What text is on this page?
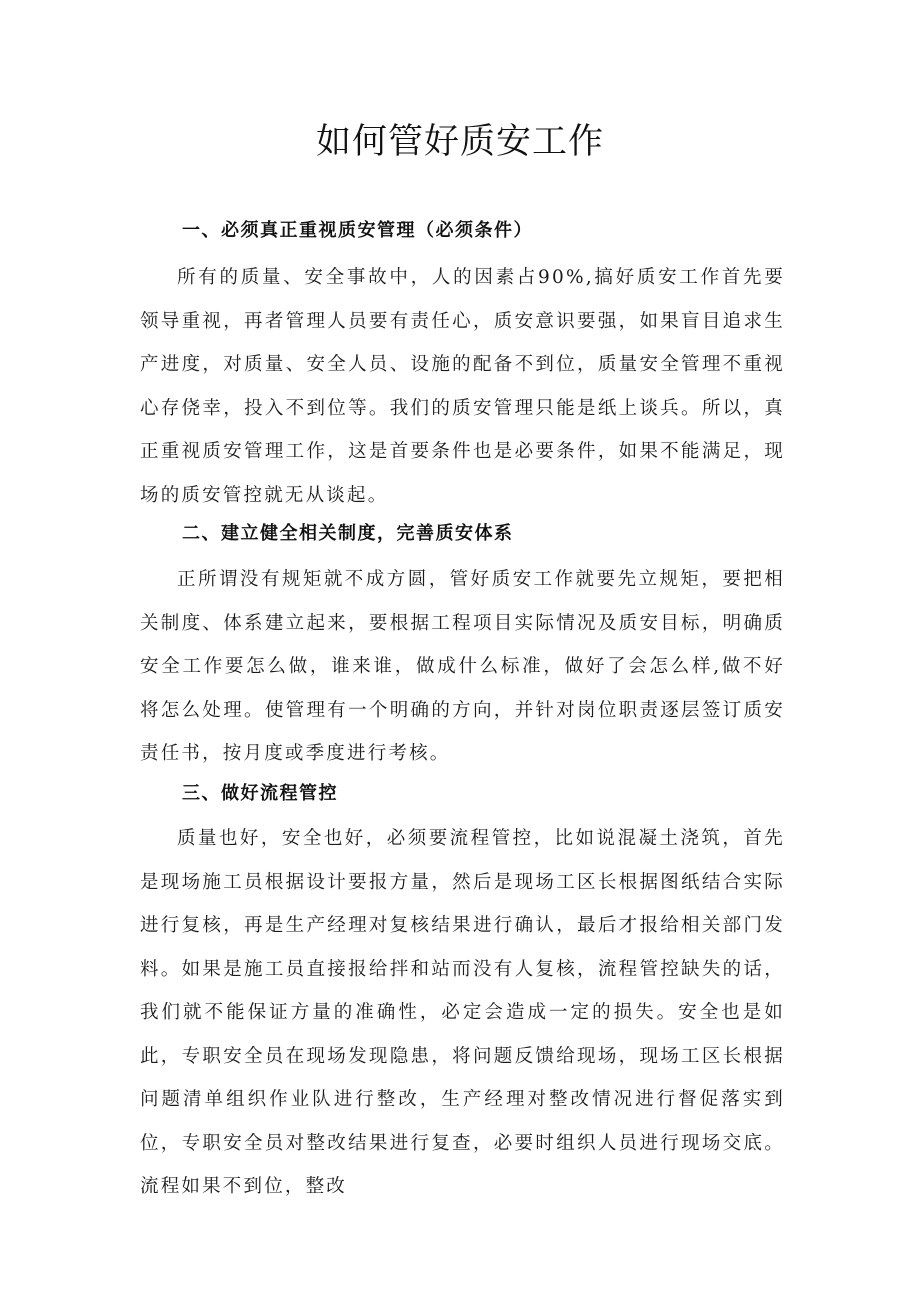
如何管好质安工作
一、必须真正重视质安管理（必须条件）

所有的质量、安全事故中，人的因素占90%,搞好质安工作首先要领导重视，再者管理人员要有责任心，质安意识要强，如果盲目追求生产进度，对质量、安全人员、设施的配备不到位，质量安全管理不重视心存侥幸，投入不到位等。我们的质安管理只能是纸上谈兵。所以，真正重视质安管理工作，这是首要条件也是必要条件，如果不能满足，现场的质安管控就无从谈起。

二、建立健全相关制度，完善质安体系

正所谓没有规矩就不成方圆，管好质安工作就要先立规矩，要把相关制度、体系建立起来，要根据工程项目实际情况及质安目标，明确质安全工作要怎么做，谁来谁，做成什么标准，做好了会怎么样,做不好将怎么处理。使管理有一个明确的方向，并针对岗位职责逐层签订质安责任书，按月度或季度进行考核。

三、做好流程管控

质量也好，安全也好，必须要流程管控，比如说混凝土浇筑，首先是现场施工员根据设计要报方量，然后是现场工区长根据图纸结合实际进行复核，再是生产经理对复核结果进行确认，最后才报给相关部门发料。如果是施工员直接报给拌和站而没有人复核，流程管控缺失的话，我们就不能保证方量的准确性，必定会造成一定的损失。安全也是如此，专职安全员在现场发现隐患，将问题反馈给现场，现场工区长根据问题清单组织作业队进行整改，生产经理对整改情况进行督促落实到位，专职安全员对整改结果进行复查，必要时组织人员进行现场交底。流程如果不到位，整改
